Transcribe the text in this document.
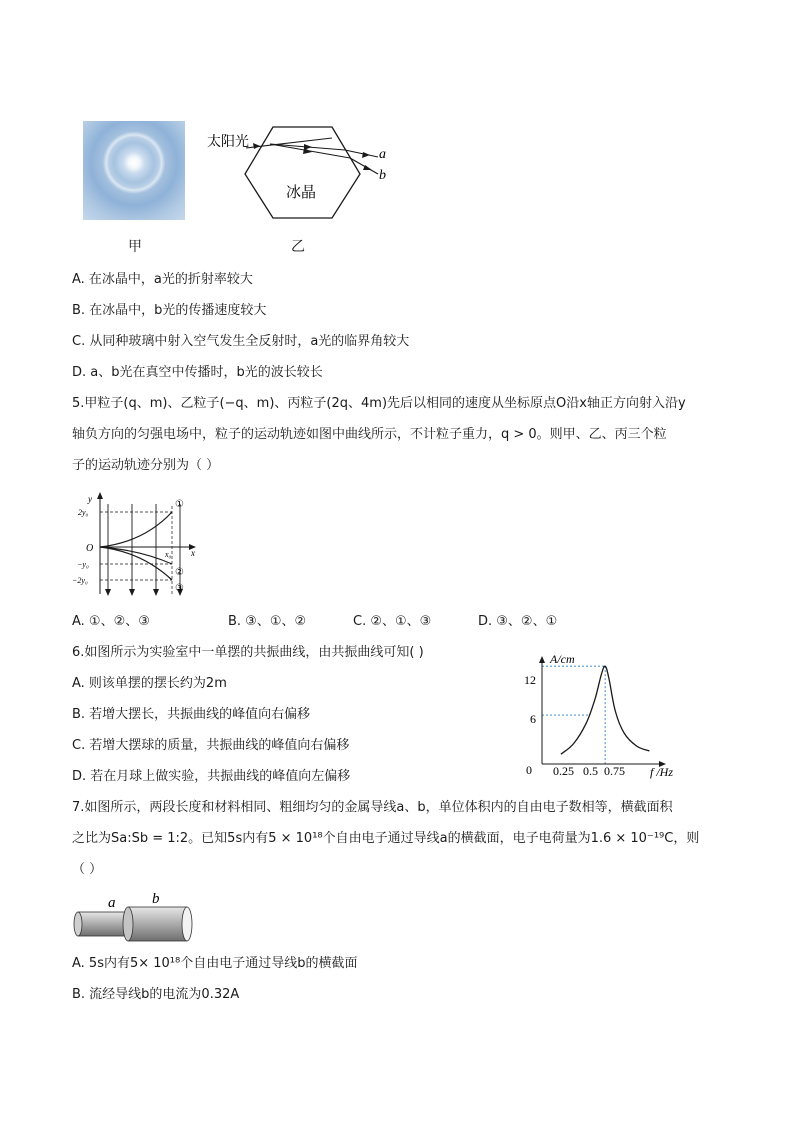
太阳光
冰晶
a
b
甲	乙
A. 在冰晶中，a光的折射率较大
B. 在冰晶中，b光的传播速度较大
C. 从同种玻璃中射入空气发生全反射时，a光的临界角较大
D. a、b光在真空中传播时，b光的波长较长
5.甲粒子(q、m)、乙粒子(−q、m)、丙粒子(2q、4m)先后以相同的速度从坐标原点O沿x轴正方向射入沿y
轴负方向的匀强电场中，粒子的运动轨迹如图中曲线所示，不计粒子重力，q > 0。则甲、乙、丙三个粒
子的运动轨迹分别为（ ）
y
x
O
2y₀
−y₀
−2y₀
x₀
①
②
③
A. ①、②、③	B. ③、①、②	C. ②、①、③	D. ③、②、①
6.如图所示为实验室中一单摆的共振曲线，由共振曲线可知( )
A. 则该单摆的摆长约为2m
B. 若增大摆长，共振曲线的峰值向右偏移
C. 若增大摆球的质量，共振曲线的峰值向右偏移
D. 若在月球上做实验，共振曲线的峰值向左偏移
A/cm
f /Hz
0
6
12
0.25 0.5 0.75
7.如图所示，两段长度和材料相同、粗细均匀的金属导线a、b，单位体积内的自由电子数相等，横截面积
之比为Sa:Sb = 1:2。已知5s内有5 × 10¹⁸个自由电子通过导线a的横截面，电子电荷量为1.6 × 10⁻¹⁹C，则
（ ）
a b
A. 5s内有5× 10¹⁸个自由电子通过导线b的横截面
B. 流经导线b的电流为0.32A
